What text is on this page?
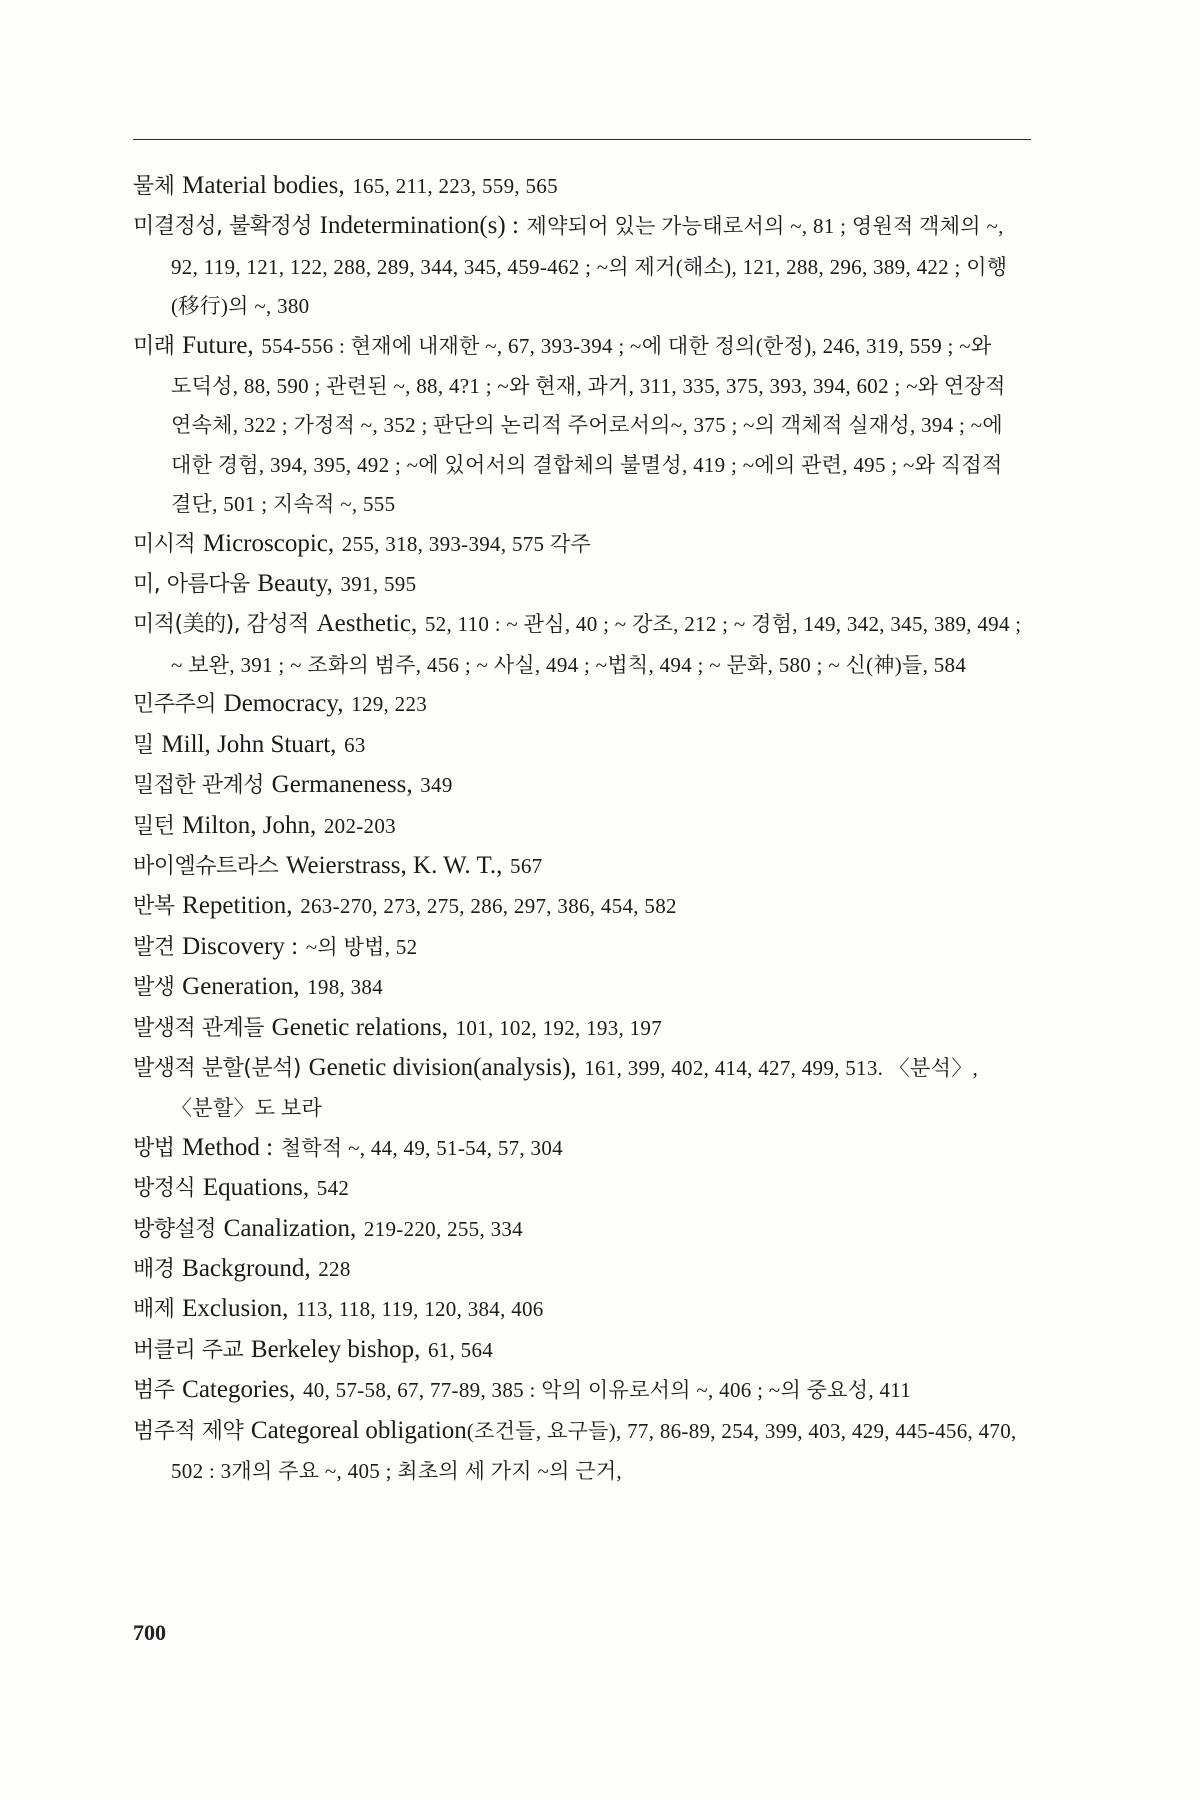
물체 Material bodies, 165, 211, 223, 559, 565
미결정성, 불확정성 Indetermination(s) : 제약되어 있는 가능태로서의 ~, 81 ; 영원적 객체의 ~, 92, 119, 121, 122, 288, 289, 344, 345, 459-462 ; ~의 제거(해소), 121, 288, 296, 389, 422 ; 이행(移行)의 ~, 380
미래 Future, 554-556 : 현재에 내재한 ~, 67, 393-394 ; ~에 대한 정의(한정), 246, 319, 559 ; ~와 도덕성, 88, 590 ; 관련된 ~, 88, 4?1 ; ~와 현재, 과거, 311, 335, 375, 393, 394, 602 ; ~와 연장적 연속체, 322 ; 가정적 ~, 352 ; 판단의 논리적 주어로서의~, 375 ; ~의 객체적 실재성, 394 ; ~에 대한 경험, 394, 395, 492 ; ~에 있어서의 결합체의 불멸성, 419 ; ~에의 관련, 495 ; ~와 직접적 결단, 501 ; 지속적 ~, 555
미시적 Microscopic, 255, 318, 393-394, 575 각주
미, 아름다움 Beauty, 391, 595
미적(美的), 감성적 Aesthetic, 52, 110 : ~ 관심, 40 ; ~ 강조, 212 ; ~ 경험, 149, 342, 345, 389, 494 ; ~ 보완, 391 ; ~ 조화의 범주, 456 ; ~ 사실, 494 ; ~법칙, 494 ; ~ 문화, 580 ; ~ 신(神)들, 584
민주주의 Democracy, 129, 223
밀 Mill, John Stuart, 63
밀접한 관계성 Germaneness, 349
밀턴 Milton, John, 202-203
바이엘슈트라스 Weierstrass, K. W. T., 567
반복 Repetition, 263-270, 273, 275, 286, 297, 386, 454, 582
발견 Discovery : ~의 방법, 52
발생 Generation, 198, 384
발생적 관계들 Genetic relations, 101, 102, 192, 193, 197
발생적 분할(분석) Genetic division(analysis), 161, 399, 402, 414, 427, 499, 513. 〈분석〉, 〈분할〉도 보라
방법 Method : 철학적 ~, 44, 49, 51-54, 57, 304
방정식 Equations, 542
방향설정 Canalization, 219-220, 255, 334
배경 Background, 228
배제 Exclusion, 113, 118, 119, 120, 384, 406
버클리 주교 Berkeley bishop, 61, 564
범주 Categories, 40, 57-58, 67, 77-89, 385 : 악의 이유로서의 ~, 406 ; ~의 중요성, 411
범주적 제약 Categoreal obligation(조건들, 요구들), 77, 86-89, 254, 399, 403, 429, 445-456, 470, 502 : 3개의 주요 ~, 405 ; 최초의 세 가지 ~의 근거,
700
